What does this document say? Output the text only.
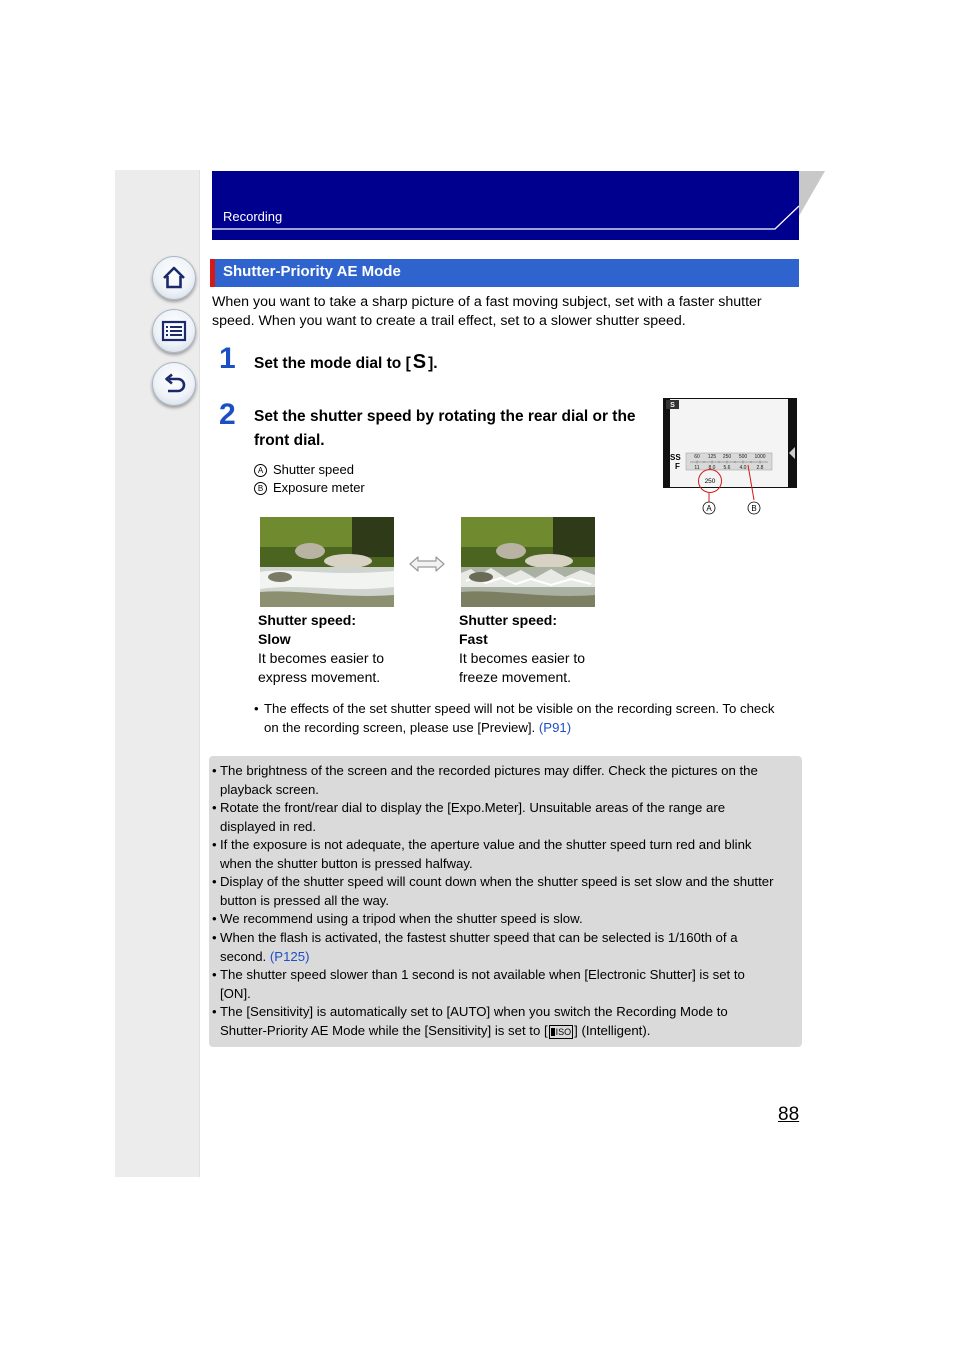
Recording
Shutter-Priority AE Mode
When you want to take a sharp picture of a fast moving subject, set with a faster shutter speed. When you want to create a trail effect, set to a slower shutter speed.
1 Set the mode dial to [ S ].
2 Set the shutter speed by rotating the rear dial or the front dial.
A Shutter speed
B Exposure meter
S
SS
F
60 125 250 500 1000
11 8.0 5.6 4.0 2.8
250
A	B
Shutter speed:
Slow
It becomes easier to
express movement.
Shutter speed:
Fast
It becomes easier to
freeze movement.
• The effects of the set shutter speed will not be visible on the recording screen. To check
on the recording screen, please use [Preview]. (P91)
• The brightness of the screen and the recorded pictures may differ. Check the pictures on the
playback screen.
• Rotate the front/rear dial to display the [Expo.Meter]. Unsuitable areas of the range are
displayed in red.
• If the exposure is not adequate, the aperture value and the shutter speed turn red and blink
when the shutter button is pressed halfway.
• Display of the shutter speed will count down when the shutter speed is set slow and the shutter
button is pressed all the way.
• We recommend using a tripod when the shutter speed is slow.
• When the flash is activated, the fastest shutter speed that can be selected is 1/160th of a
second. (P125)
• The shutter speed slower than 1 second is not available when [Electronic Shutter] is set to
[ON].
• The [Sensitivity] is automatically set to [AUTO] when you switch the Recording Mode to
Shutter-Priority AE Mode while the [Sensitivity] is set to [ ISO ] (Intelligent).
88
